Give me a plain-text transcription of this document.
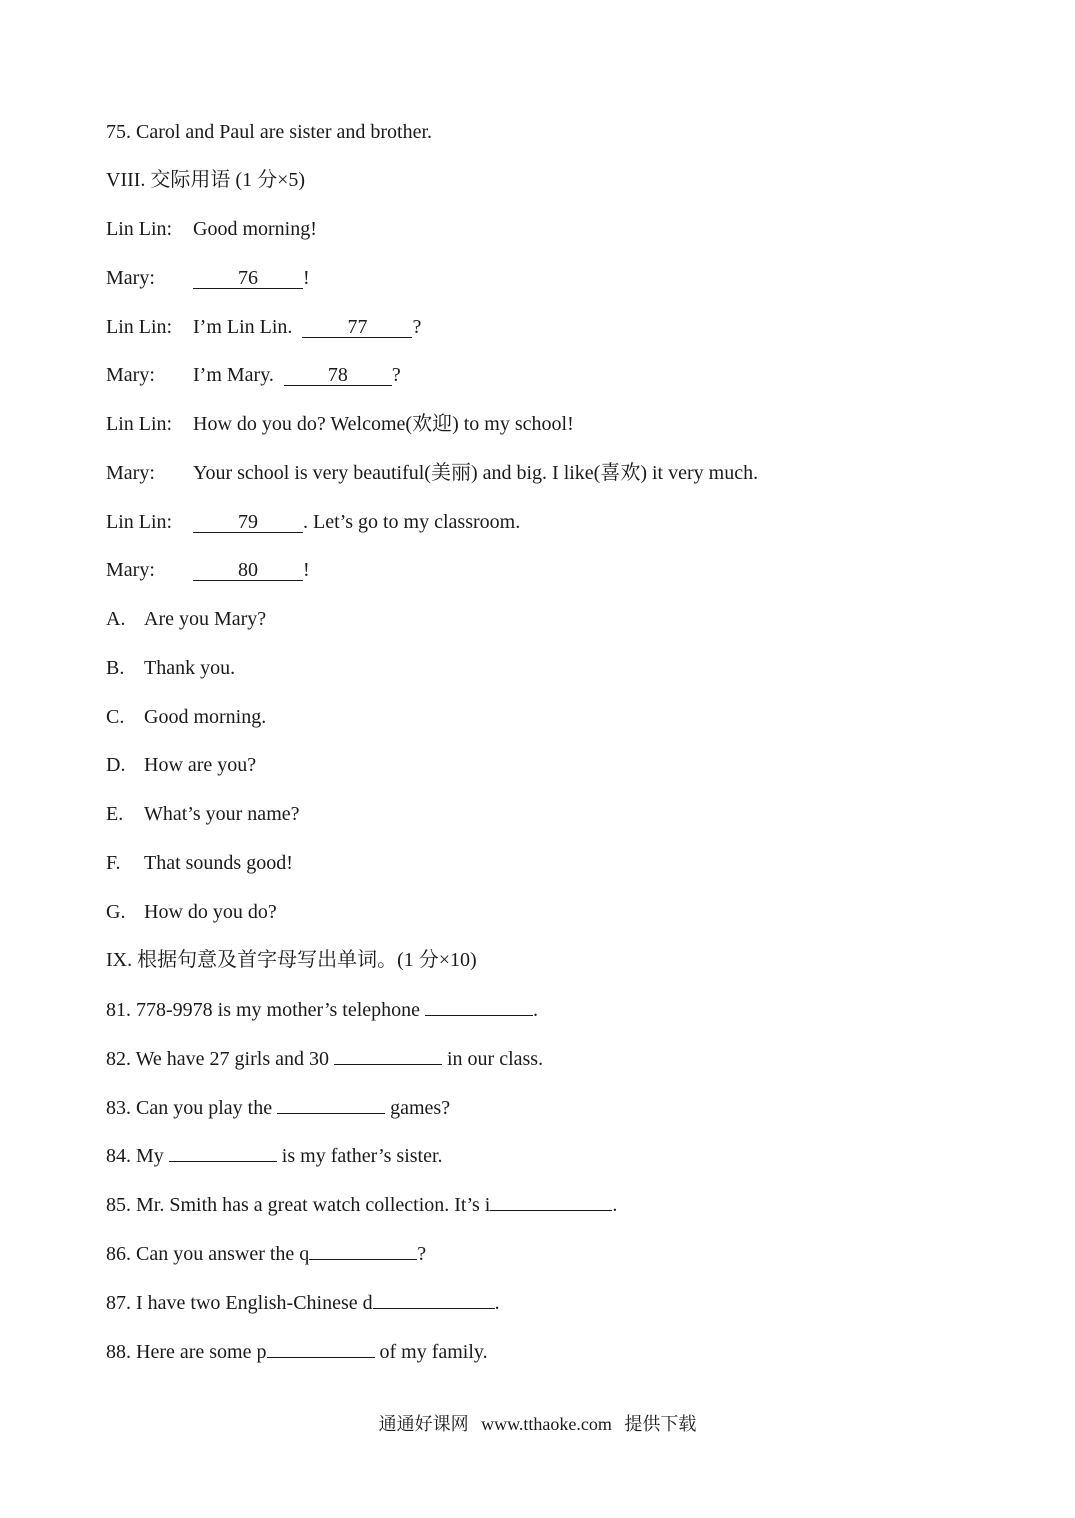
75. Carol and Paul are sister and brother.
VIII. 交际用语 (1 分×5)
Lin Lin: Good morning!
Mary:	76 !
Lin Lin: I’m Lin Lin.  77 ?
Mary: I’m Mary.  78 ?
Lin Lin: How do you do? Welcome(欢迎) to my school!
Mary: Your school is very beautiful(美丽) and big. I like(喜欢) it very much.
Lin Lin:	79 . Let’s go to my classroom.
Mary:	80 !
A. Are you Mary?
B. Thank you.
C. Good morning.
D. How are you?
E. What’s your name?
F. That sounds good!
G. How do you do?
IX. 根据句意及首字母写出单词。(1 分×10)
81. 778-9978 is my mother’s telephone	.
82. We have 27 girls and 30	in our class.
83. Can you play the	games?
84. My	is my father’s sister.
85. Mr. Smith has a great watch collection. It’s i	.
86. Can you answer the q	?
87. I have two English-Chinese d	.
88. Here are some p	of my family.
通通好课网 www.tthaoke.com 提供下载
